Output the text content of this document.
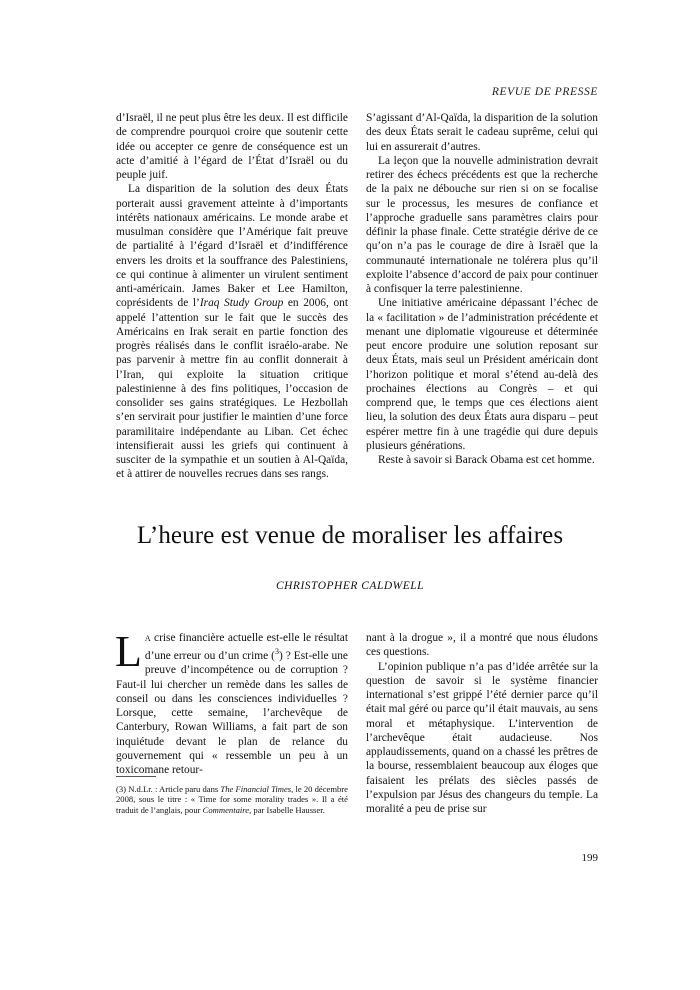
REVUE DE PRESSE

d’Israël, il ne peut plus être les deux. Il est difficile de comprendre pourquoi croire que soutenir cette idée ou accepter ce genre de conséquence est un acte d’amitié à l’égard de l’État d’Israël ou du peuple juif.

La disparition de la solution des deux États porterait aussi gravement atteinte à d’importants intérêts nationaux américains. Le monde arabe et musulman considère que l’Amérique fait preuve de partialité à l’égard d’Israël et d’indifférence envers les droits et la souffrance des Palestiniens, ce qui continue à alimenter un virulent sentiment anti-américain. James Baker et Lee Hamilton, coprésidents de l’Iraq Study Group en 2006, ont appelé l’attention sur le fait que le succès des Américains en Irak serait en partie fonction des progrès réalisés dans le conflit israélo-arabe. Ne pas parvenir à mettre fin au conflit donnerait à l’Iran, qui exploite la situation critique palestinienne à des fins politiques, l’occasion de consolider ses gains stratégiques. Le Hezbollah s’en servirait pour justifier le maintien d’une force paramilitaire indépendante au Liban. Cet échec intensifierait aussi les griefs qui continuent à susciter de la sympathie et un soutien à Al-Qaïda, et à attirer de nouvelles recrues dans ses rangs.

S’agissant d’Al-Qaïda, la disparition de la solution des deux États serait le cadeau suprême, celui qui lui en assurerait d’autres.

La leçon que la nouvelle administration devrait retirer des échecs précédents est que la recherche de la paix ne débouche sur rien si on se focalise sur le processus, les mesures de confiance et l’approche graduelle sans paramètres clairs pour définir la phase finale. Cette stratégie dérive de ce qu’on n’a pas le courage de dire à Israël que la communauté internationale ne tolérera plus qu’il exploite l’absence d’accord de paix pour continuer à confisquer la terre palestinienne.

Une initiative américaine dépassant l’échec de la « facilitation » de l’administration précédente et menant une diplomatie vigoureuse et déterminée peut encore produire une solution reposant sur deux États, mais seul un Président américain dont l’horizon politique et moral s’étend au-delà des prochaines élections au Congrès – et qui comprend que, le temps que ces élections aient lieu, la solution des deux États aura disparu – peut espérer mettre fin à une tragédie qui dure depuis plusieurs générations.

Reste à savoir si Barack Obama est cet homme.

L’heure est venue de moraliser les affaires
CHRISTOPHER CALDWELL

La crise financière actuelle est-elle le résultat d’une erreur ou d’un crime ($^3$) ? Est-elle une preuve d’incompétence ou de corruption ? Faut-il lui chercher un remède dans les salles de conseil ou dans les consciences individuelles ? Lorsque, cette semaine, l’archevêque de Canterbury, Rowan Williams, a fait part de son inquiétude devant le plan de relance du gouvernement qui « ressemble un peu à un toxicomane retour-

nant à la drogue », il a montré que nous éludons ces questions.

L’opinion publique n’a pas d’idée arrêtée sur la question de savoir si le système financier international s’est grippé l’été dernier parce qu’il était mal géré ou parce qu’il était mauvais, au sens moral et métaphysique. L’intervention de l’archevêque était audacieuse. Nos applaudissements, quand on a chassé les prêtres de la bourse, ressemblaient beaucoup aux éloges que faisaient les prélats des siècles passés de l’expulsion par Jésus des changeurs du temple. La moralité a peu de prise sur

(3) N.d.Lr. : Article paru dans The Financial Times, le 20 décembre 2008, sous le titre : « Time for some morality trades ». Il a été traduit de l’anglais, pour Commentaire, par Isabelle Hausser.
199
